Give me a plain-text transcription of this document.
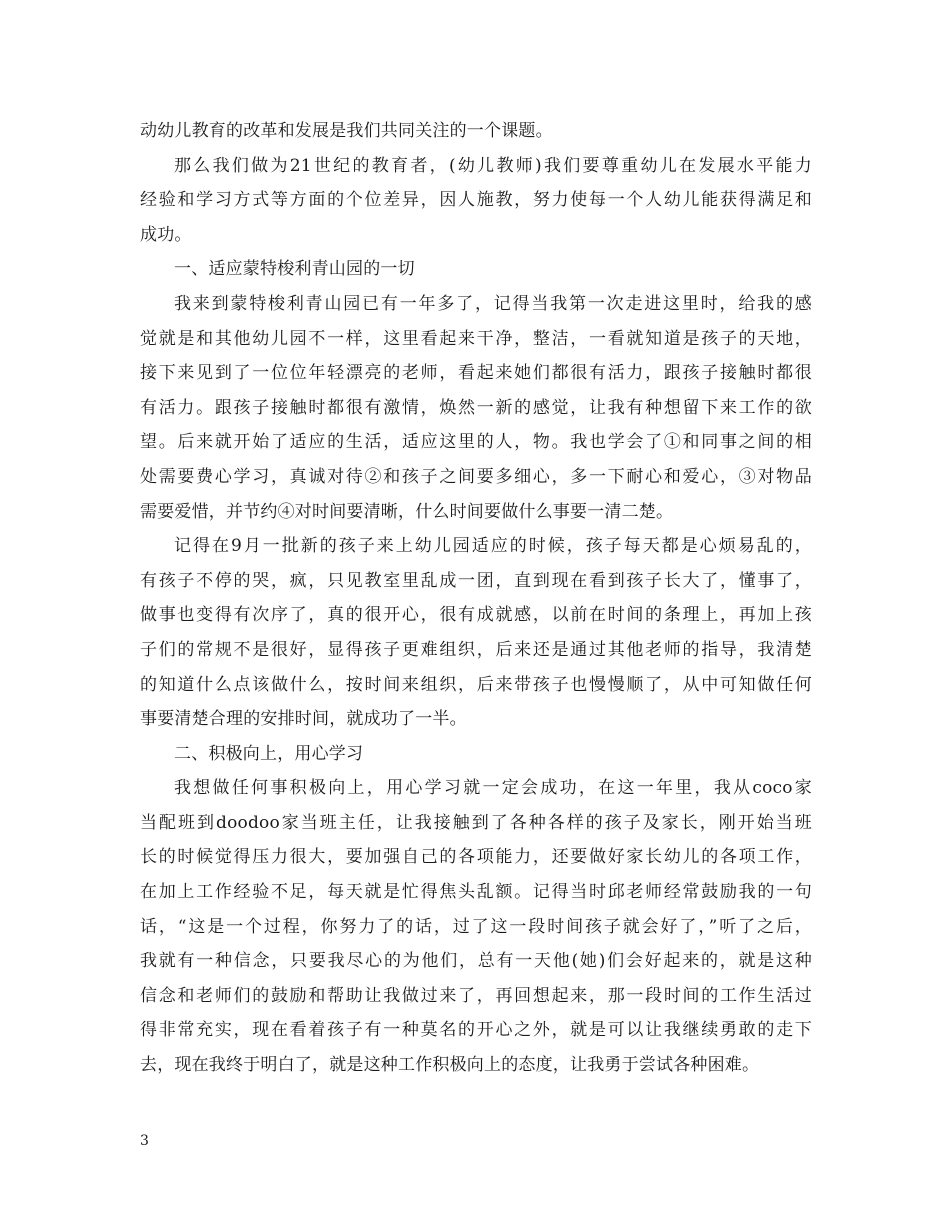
动幼儿教育的改革和发展是我们共同关注的一个课题。
那么我们做为21世纪的教育者，(幼儿教师)我们要尊重幼儿在发展水平能力
经验和学习方式等方面的个位差异，因人施教，努力使每一个人幼儿能获得满足和
成功。
一、适应蒙特梭利青山园的一切
我来到蒙特梭利青山园已有一年多了，记得当我第一次走进这里时，给我的感
觉就是和其他幼儿园不一样，这里看起来干净，整洁，一看就知道是孩子的天地，
接下来见到了一位位年轻漂亮的老师，看起来她们都很有活力，跟孩子接触时都很
有活力。跟孩子接触时都很有激情，焕然一新的感觉，让我有种想留下来工作的欲
望。后来就开始了适应的生活，适应这里的人，物。我也学会了①和同事之间的相
处需要费心学习，真诚对待②和孩子之间要多细心，多一下耐心和爱心，③对物品
需要爱惜，并节约④对时间要清晰，什么时间要做什么事要一清二楚。
记得在9月一批新的孩子来上幼儿园适应的时候，孩子每天都是心烦易乱的，
有孩子不停的哭，疯，只见教室里乱成一团，直到现在看到孩子长大了，懂事了，
做事也变得有次序了，真的很开心，很有成就感，以前在时间的条理上，再加上孩
子们的常规不是很好，显得孩子更难组织，后来还是通过其他老师的指导，我清楚
的知道什么点该做什么，按时间来组织，后来带孩子也慢慢顺了，从中可知做任何
事要清楚合理的安排时间，就成功了一半。
二、积极向上，用心学习
我想做任何事积极向上，用心学习就一定会成功，在这一年里，我从coco家
当配班到doodoo家当班主任，让我接触到了各种各样的孩子及家长，刚开始当班
长的时候觉得压力很大，要加强自己的各项能力，还要做好家长幼儿的各项工作，
在加上工作经验不足，每天就是忙得焦头乱额。记得当时邱老师经常鼓励我的一句
话，“这是一个过程，你努力了的话，过了这一段时间孩子就会好了，”听了之后，
我就有一种信念，只要我尽心的为他们，总有一天他(她)们会好起来的，就是这种
信念和老师们的鼓励和帮助让我做过来了，再回想起来，那一段时间的工作生活过
得非常充实，现在看着孩子有一种莫名的开心之外，就是可以让我继续勇敢的走下
去，现在我终于明白了，就是这种工作积极向上的态度，让我勇于尝试各种困难。
3
